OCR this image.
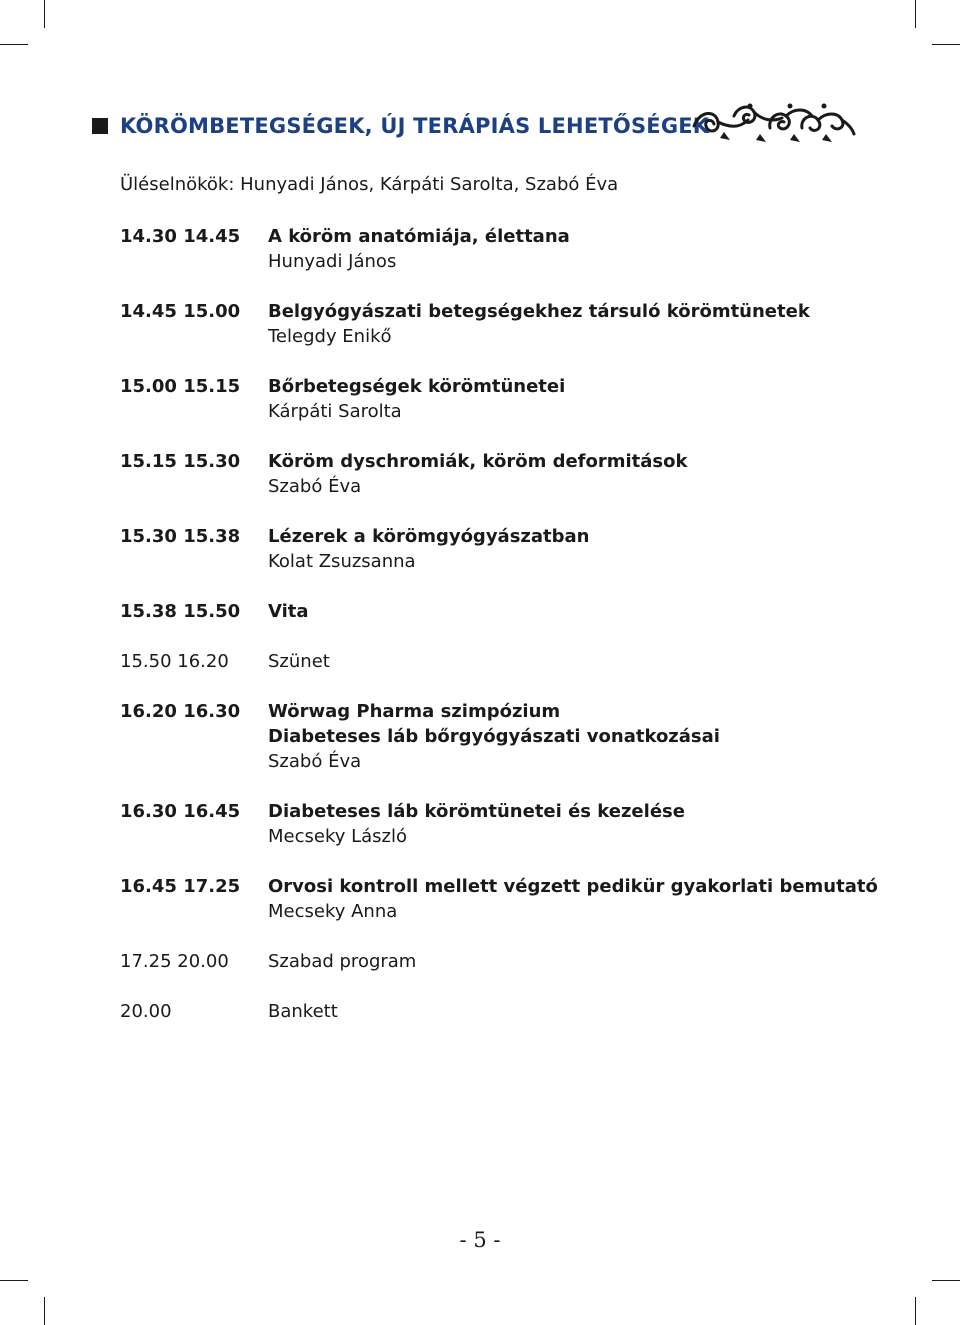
KÖRÖMBETEGSÉGEK, ÚJ TERÁPIÁS LEHETŐSÉGEK
Üléselnökök: Hunyadi János, Kárpáti Sarolta, Szabó Éva
14.30 14.45	A köröm anatómiája, élettana
Hunyadi János
14.45 15.00	Belgyógyászati betegségekhez társuló körömtünetek
Telegdy Enikő
15.00 15.15	Bőrbetegségek körömtünetei
Kárpáti Sarolta
15.15 15.30	Köröm dyschromiák, köröm deformitások
Szabó Éva
15.30 15.38	Lézerek a körömgyógyászatban
Kolat Zsuzsanna
15.38 15.50	Vita
15.50 16.20	Szünet
16.20 16.30	Wörwag Pharma szimpózium
Diabeteses láb bőrgyógyászati vonatkozásai
Szabó Éva
16.30 16.45	Diabeteses láb körömtünetei és kezelése
Mecseky László
16.45 17.25	Orvosi kontroll mellett végzett pedikür gyakorlati bemutató
Mecseky Anna
17.25 20.00	Szabad program
20.00	Bankett
- 5 -
